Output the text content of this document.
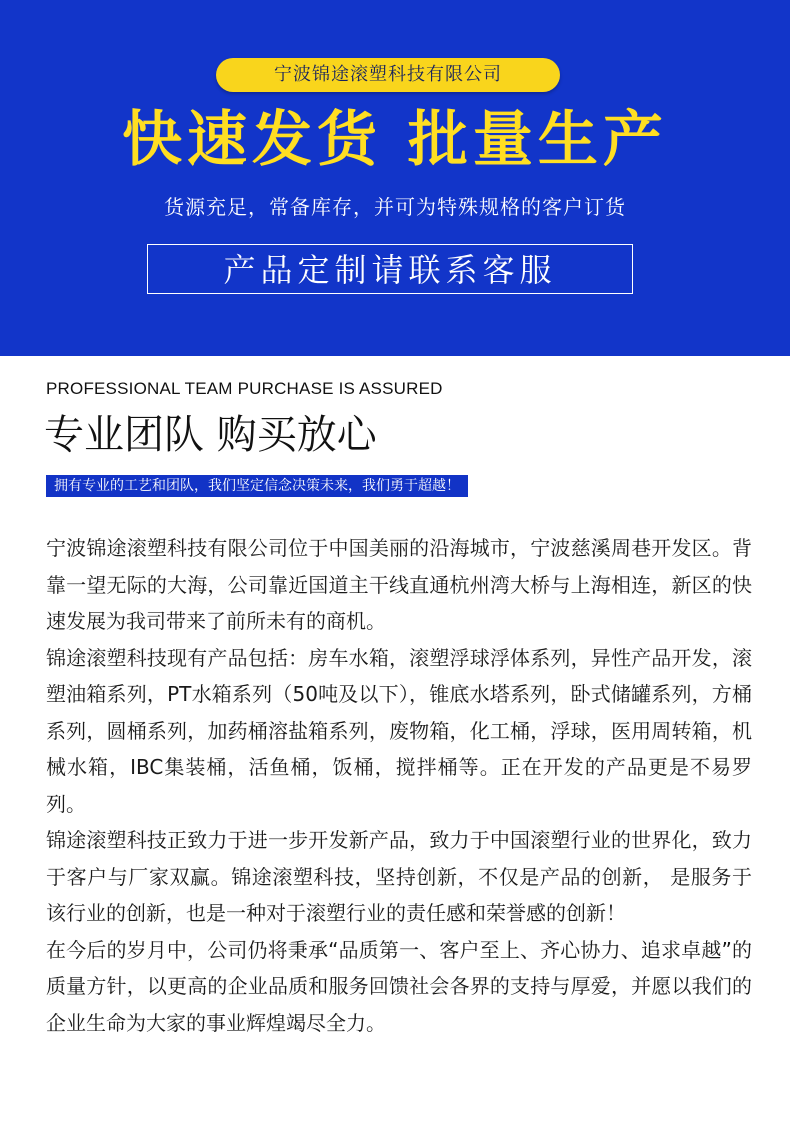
宁波锦途滚塑科技有限公司
快速发货 批量生产
货源充足，常备库存，并可为特殊规格的客户订货
产品定制请联系客服
PROFESSIONAL TEAM PURCHASE IS ASSURED
专业团队 购买放心
拥有专业的工艺和团队，我们坚定信念决策未来，我们勇于超越！

宁波锦途滚塑科技有限公司位于中国美丽的沿海城市，宁波慈溪周巷开发区。背靠一望无际的大海，公司靠近国道主干线直通杭州湾大桥与上海相连，新区的快速发展为我司带来了前所未有的商机。

锦途滚塑科技现有产品包括：房车水箱，滚塑浮球浮体系列，异性产品开发，滚塑油箱系列，PT水箱系列（50吨及以下），锥底水塔系列，卧式储罐系列，方桶系列，圆桶系列，加药桶溶盐箱系列，废物箱，化工桶，浮球，医用周转箱，机械水箱，IBC集装桶，活鱼桶，饭桶，搅拌桶等。正在开发的产品更是不易罗列。

锦途滚塑科技正致力于进一步开发新产品，致力于中国滚塑行业的世界化，致力于客户与厂家双赢。锦途滚塑科技，坚持创新，不仅是产品的创新， 是服务于该行业的创新，也是一种对于滚塑行业的责任感和荣誉感的创新！

在今后的岁月中，公司仍将秉承“品质第一、客户至上、齐心协力、追求卓越”的质量方针，以更高的企业品质和服务回馈社会各界的支持与厚爱，并愿以我们的企业生命为大家的事业辉煌竭尽全力。
